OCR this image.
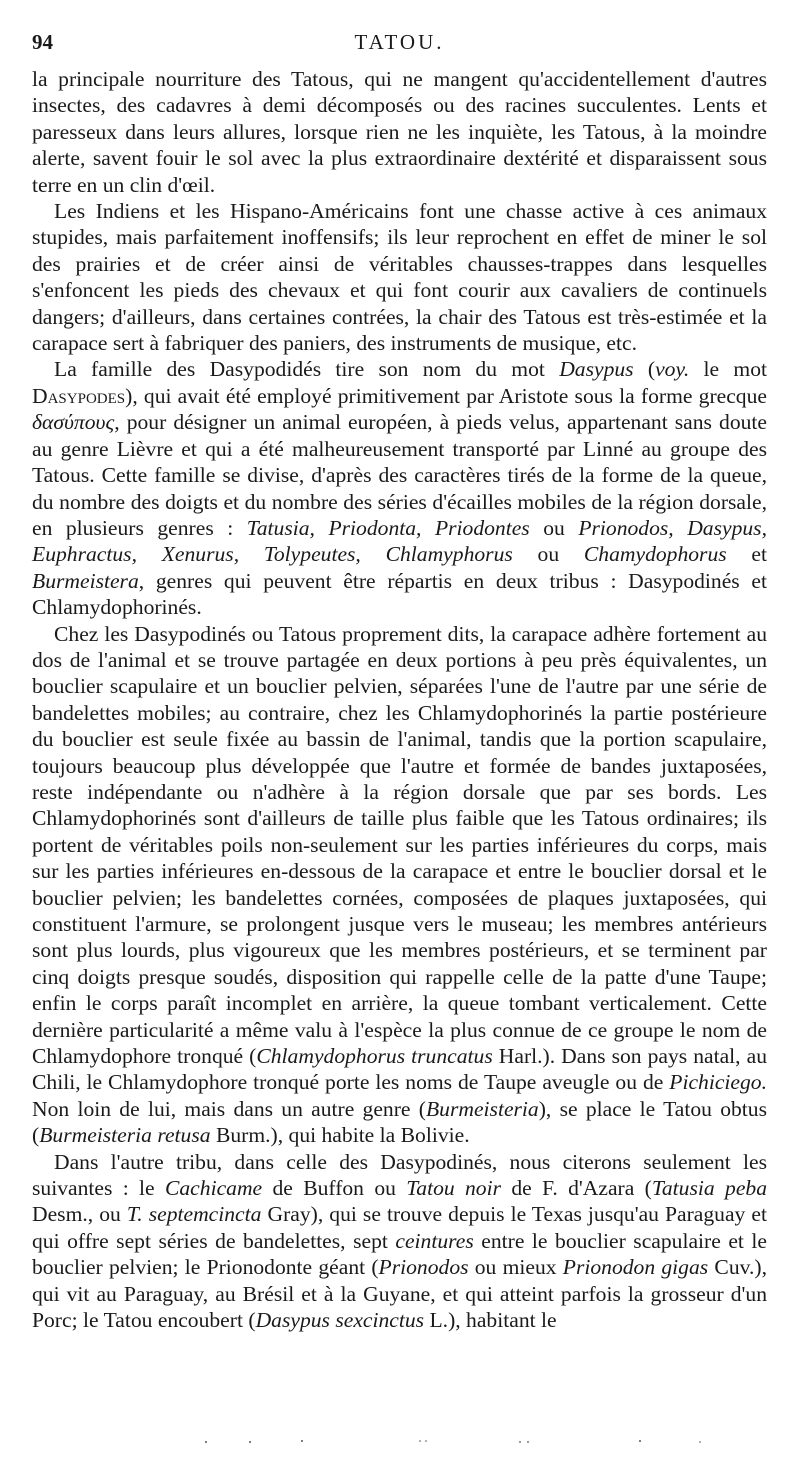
94	TATOU.

la principale nourriture des Tatous, qui ne mangent qu'accidentellement d'autres insectes, des cadavres à demi décomposés ou des racines succulentes. Lents et paresseux dans leurs allures, lorsque rien ne les inquiète, les Tatous, à la moindre alerte, savent fouir le sol avec la plus extraordinaire dextérité et disparaissent sous terre en un clin d'œil.

Les Indiens et les Hispano-Américains font une chasse active à ces animaux stupides, mais parfaitement inoffensifs; ils leur reprochent en effet de miner le sol des prairies et de créer ainsi de véritables chausses-trappes dans lesquelles s'enfoncent les pieds des chevaux et qui font courir aux cavaliers de continuels dangers; d'ailleurs, dans certaines contrées, la chair des Tatous est très-estimée et la carapace sert à fabriquer des paniers, des instruments de musique, etc.

La famille des Dasypodidés tire son nom du mot Dasypus (voy. le mot Dasypodes), qui avait été employé primitivement par Aristote sous la forme grecque δασύπους, pour désigner un animal européen, à pieds velus, appartenant sans doute au genre Lièvre et qui a été malheureusement transporté par Linné au groupe des Tatous. Cette famille se divise, d'après des caractères tirés de la forme de la queue, du nombre des doigts et du nombre des séries d'écailles mobiles de la région dorsale, en plusieurs genres : Tatusia, Priodonta, Priodontes ou Prionodos, Dasypus, Euphractus, Xenurus, Tolypeutes, Chlamyphorus ou Chamydophorus et Burmeistera, genres qui peuvent être répartis en deux tribus : Dasypodinés et Chlamydophorinés.

Chez les Dasypodinés ou Tatous proprement dits, la carapace adhère fortement au dos de l'animal et se trouve partagée en deux portions à peu près équivalentes, un bouclier scapulaire et un bouclier pelvien, séparées l'une de l'autre par une série de bandelettes mobiles; au contraire, chez les Chlamydophorinés la partie postérieure du bouclier est seule fixée au bassin de l'animal, tandis que la portion scapulaire, toujours beaucoup plus développée que l'autre et formée de bandes juxtaposées, reste indépendante ou n'adhère à la région dorsale que par ses bords. Les Chlamydophorinés sont d'ailleurs de taille plus faible que les Tatous ordinaires; ils portent de véritables poils non-seulement sur les parties inférieures du corps, mais sur les parties inférieures en-dessous de la carapace et entre le bouclier dorsal et le bouclier pelvien; les bandelettes cornées, composées de plaques juxtaposées, qui constituent l'armure, se prolongent jusque vers le museau; les membres antérieurs sont plus lourds, plus vigoureux que les membres postérieurs, et se terminent par cinq doigts presque soudés, disposition qui rappelle celle de la patte d'une Taupe; enfin le corps paraît incomplet en arrière, la queue tombant verticalement. Cette dernière particularité a même valu à l'espèce la plus connue de ce groupe le nom de Chlamydophore tronqué (Chlamydophorus truncatus Harl.). Dans son pays natal, au Chili, le Chlamydophore tronqué porte les noms de Taupe aveugle ou de Pichiciego. Non loin de lui, mais dans un autre genre (Burmeisteria), se place le Tatou obtus (Burmeisteria retusa Burm.), qui habite la Bolivie.

Dans l'autre tribu, dans celle des Dasypodinés, nous citerons seulement les suivantes : le Cachicame de Buffon ou Tatou noir de F. d'Azara (Tatusia peba Desm., ou T. septemcincta Gray), qui se trouve depuis le Texas jusqu'au Paraguay et qui offre sept séries de bandelettes, sept ceintures entre le bouclier scapulaire et le bouclier pelvien; le Prionodonte géant (Prionodos ou mieux Prionodon gigas Cuv.), qui vit au Paraguay, au Brésil et à la Guyane, et qui atteint parfois la grosseur d'un Porc; le Tatou encoubert (Dasypus sexcinctus L.), habitant le
